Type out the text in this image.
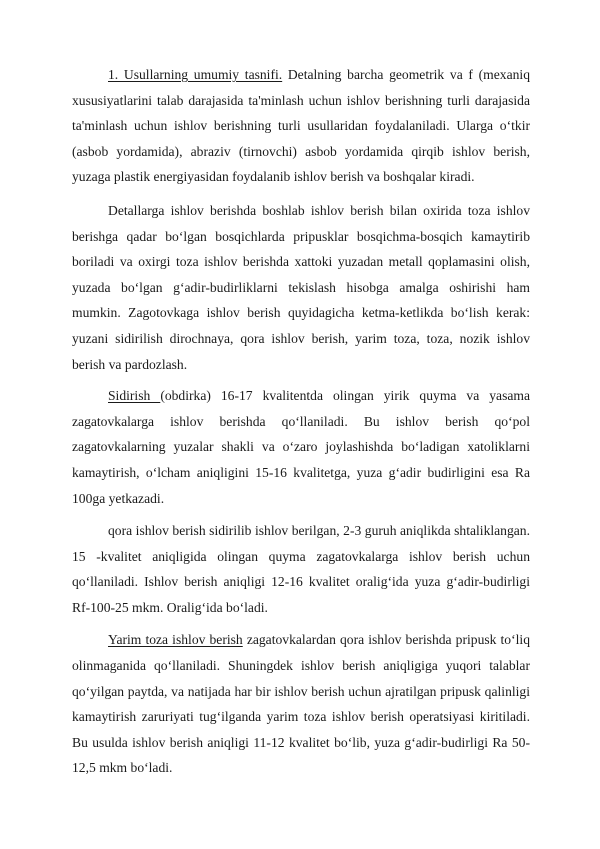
1. Usullarning umumiy tasnifi. Detalning barcha geometrik va f (mexaniq xususiyatlarini talab darajasida ta'minlash uchun ishlov berishning turli darajasida ta'minlash uchun ishlov berishning turli usullaridan foydalaniladi. Ularga o‘tkir (asbob yordamida), abraziv (tirnovchi) asbob yordamida qirqib ishlov berish, yuzaga plastik energiyasidan foydalanib ishlov berish va boshqalar kiradi.

Detallarga ishlov berishda boshlab ishlov berish bilan oxirida toza ishlov berishga qadar bo‘lgan bosqichlarda pripusklar bosqichma-bosqich kamaytirib boriladi va oxirgi toza ishlov berishda xattoki yuzadan metall qoplamasini olish, yuzada bo‘lgan g‘adir-budirliklarni tekislash hisobga amalga oshirishi ham mumkin. Zagotovkaga ishlov berish quyidagicha ketma-ketlikda bo‘lish kerak: yuzani sidirilish dirochnaya, qora ishlov berish, yarim toza, toza, nozik ishlov berish va pardozlash.

Sidirish (obdirka) 16-17 kvalitentda olingan yirik quyma va yasama zagatovkalarga ishlov berishda qo‘llaniladi. Bu ishlov berish qo‘pol zagatovkalarning yuzalar shakli va o‘zaro joylashishda bo‘ladigan xatoliklarni kamaytirish, o‘lcham aniqligini 15-16 kvalitetga, yuza g‘adir budirligini esa Ra 100ga yetkazadi.

qora ishlov berish sidirilib ishlov berilgan, 2-3 guruh aniqlikda shtaliklangan. 15 -kvalitet aniqligida olingan quyma zagatovkalarga ishlov berish uchun qo‘llaniladi. Ishlov berish aniqligi 12-16 kvalitet oralig‘ida yuza g‘adir-budirligi Rf-100-25 mkm. Oralig‘ida bo‘ladi.

Yarim toza ishlov berish zagatovkalardan qora ishlov berishda pripusk to‘liq olinmaganida qo‘llaniladi. Shuningdek ishlov berish aniqligiga yuqori talablar qo‘yilgan paytda, va natijada har bir ishlov berish uchun ajratilgan pripusk qalinligi kamaytirish zaruriyati tug‘ilganda yarim toza ishlov berish operatsiyasi kiritiladi. Bu usulda ishlov berish aniqligi 11-12 kvalitet bo‘lib, yuza g‘adir-budirligi Ra 50-12,5 mkm bo‘ladi.
